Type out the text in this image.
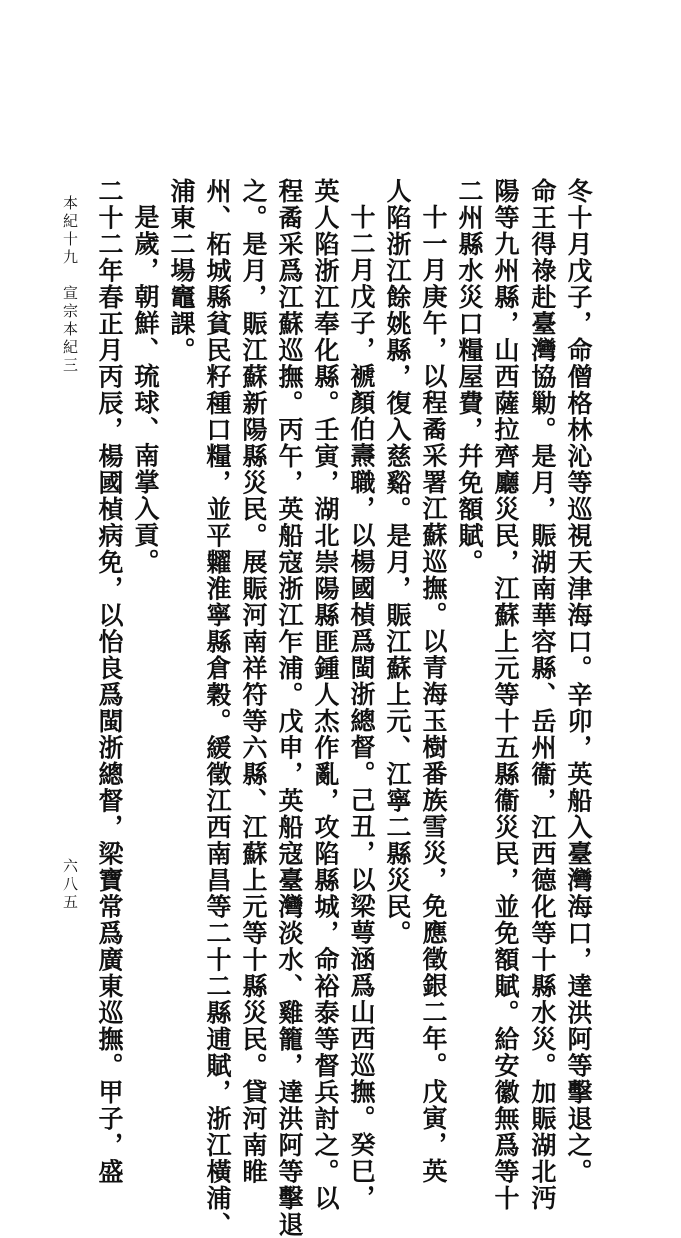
冬十月戊子，命僧格林沁等巡視天津海口。辛卯，英船入臺灣海口，達洪阿等擊退之。
命王得祿赴臺灣協勦。是月，賑湖南華容縣、岳州衞，江西德化等十縣水災。加賑湖北沔
陽等九州縣，山西薩拉齊廳災民，江蘇上元等十五縣衞災民，並免額賦。給安徽無爲等十
二州縣水災口糧屋費，幷免額賦。
十一月庚午，以程矞采署江蘇巡撫。以青海玉樹番族雪災，免應徵銀二年。戊寅，英
人陷浙江餘姚縣，復入慈谿。是月，賑江蘇上元、江寧二縣災民。
十二月戊子，褫顏伯燾職，以楊國楨爲閩浙總督。己丑，以梁萼涵爲山西巡撫。癸巳，
英人陷浙江奉化縣。壬寅，湖北崇陽縣匪鍾人杰作亂，攻陷縣城，命裕泰等督兵討之。以
程矞采爲江蘇巡撫。丙午，英船寇浙江乍浦。戊申，英船寇臺灣淡水、雞籠，達洪阿等擊退
之。是月，賑江蘇新陽縣災民。展賑河南祥符等六縣、江蘇上元等十縣災民。貸河南睢
州、柘城縣貧民籽種口糧，並平糶淮寧縣倉穀。緩徵江西南昌等二十二縣逋賦，浙江橫浦、
浦東二場竈課。
是歲，朝鮮、琉球、南掌入貢。
二十二年春正月丙辰，楊國楨病免，以怡良爲閩浙總督，梁寶常爲廣東巡撫。甲子，盛
本紀十九　宣宗本紀三
六八五
